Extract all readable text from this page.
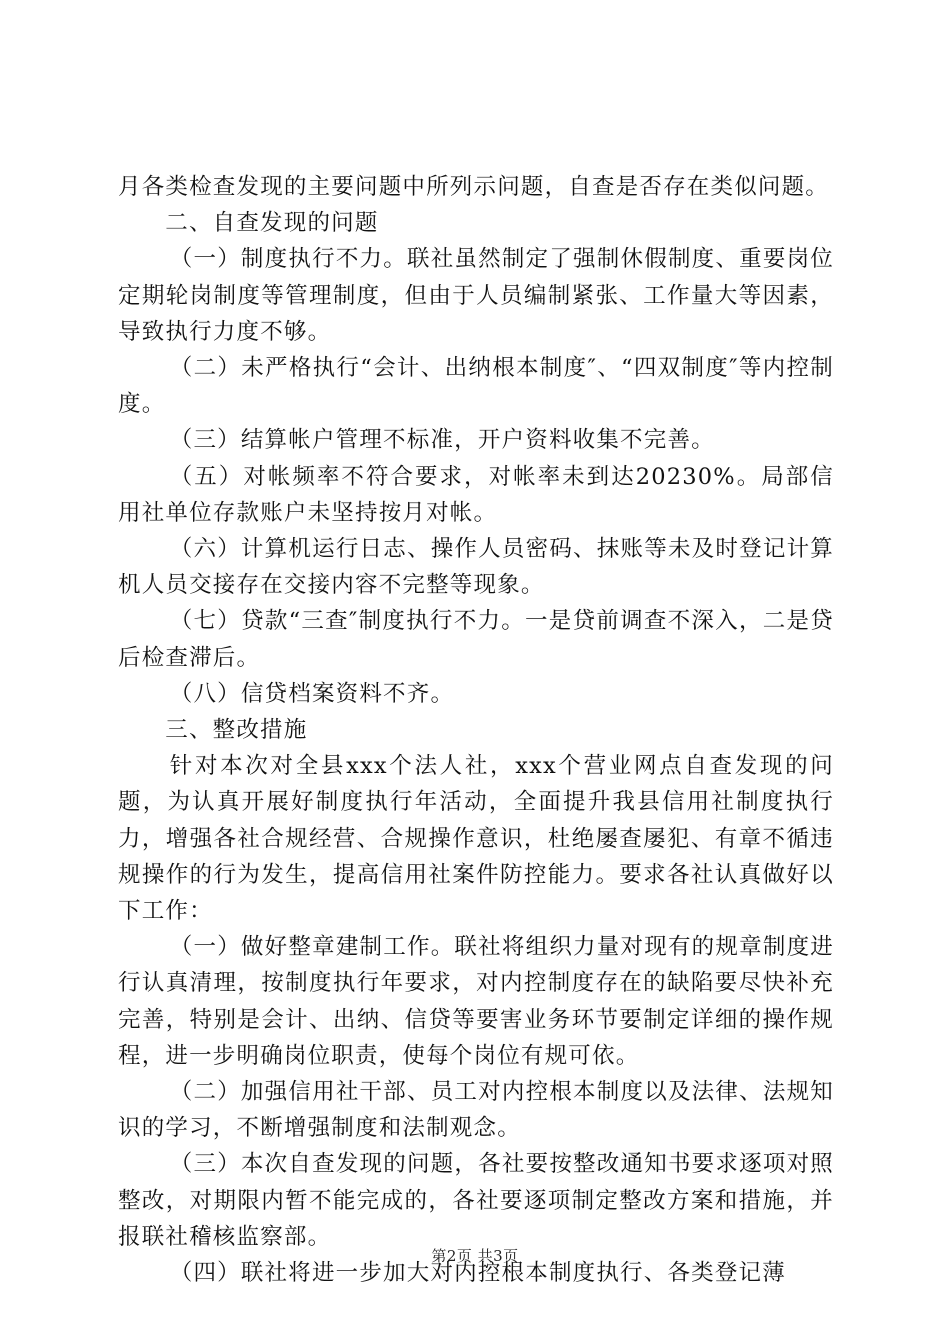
月各类检查发现的主要问题中所列示问题，自查是否存在类似问题。

二、自查发现的问题

（一）制度执行不力。联社虽然制定了强制休假制度、重要岗位定期轮岗制度等管理制度，但由于人员编制紧张、工作量大等因素，导致执行力度不够。

（二）未严格执行“会计、出纳根本制度″、“四双制度″等内控制度。

（三）结算帐户管理不标准，开户资料收集不完善。

（五）对帐频率不符合要求，对帐率未到达20230%。局部信用社单位存款账户未坚持按月对帐。

（六）计算机运行日志、操作人员密码、抹账等未及时登记计算机人员交接存在交接内容不完整等现象。

（七）贷款“三查″制度执行不力。一是贷前调查不深入，二是贷后检查滞后。

（八）信贷档案资料不齐。

三、整改措施

针对本次对全县xxx个法人社，xxx个营业网点自查发现的问题，为认真开展好制度执行年活动，全面提升我县信用社制度执行力，增强各社合规经营、合规操作意识，杜绝屡查屡犯、有章不循违规操作的行为发生，提高信用社案件防控能力。要求各社认真做好以下工作：

（一）做好整章建制工作。联社将组织力量对现有的规章制度进行认真清理，按制度执行年要求，对内控制度存在的缺陷要尽快补充完善，特别是会计、出纳、信贷等要害业务环节要制定详细的操作规程，进一步明确岗位职责，使每个岗位有规可依。

（二）加强信用社干部、员工对内控根本制度以及法律、法规知识的学习，不断增强制度和法制观念。

（三）本次自查发现的问题，各社要按整改通知书要求逐项对照整改，对期限内暂不能完成的，各社要逐项制定整改方案和措施，并报联社稽核监察部。

（四）联社将进一步加大对内控根本制度执行、各类登记薄

第2页 共3页
